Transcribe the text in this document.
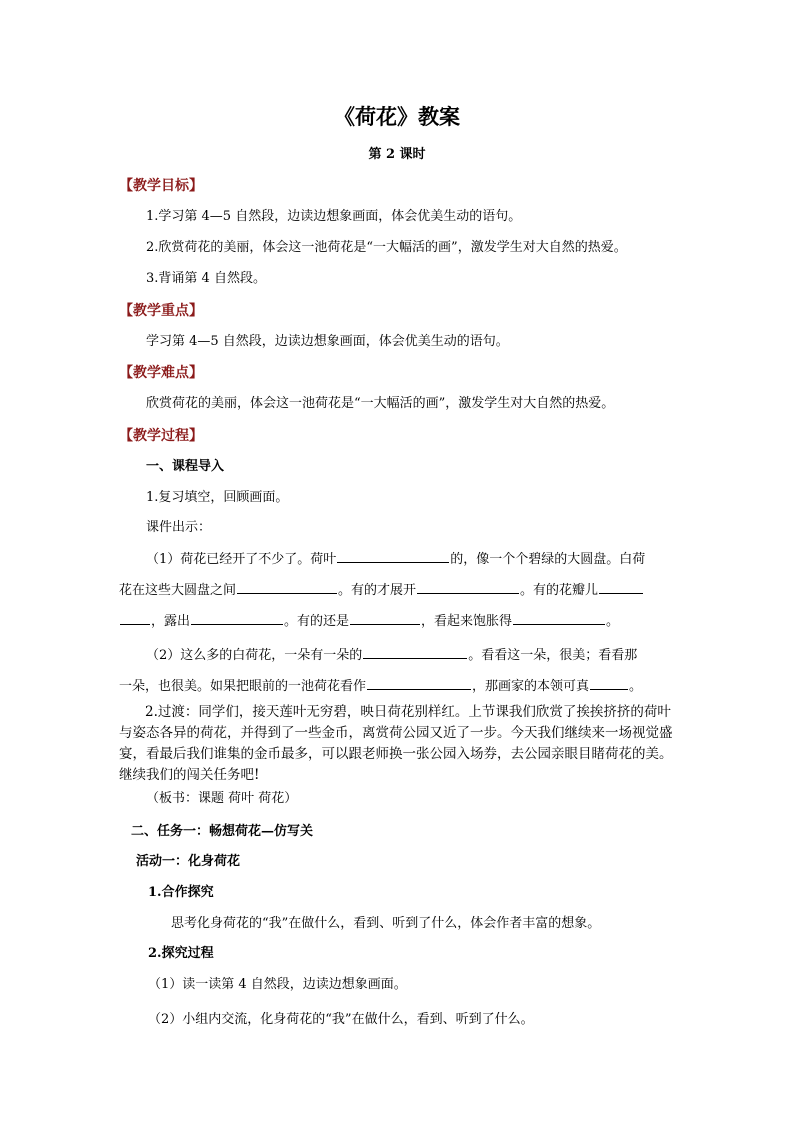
《荷花》教案
第 2 课时
【教学目标】
1.学习第 4—5 自然段，边读边想象画面，体会优美生动的语句。
2.欣赏荷花的美丽，体会这一池荷花是“一大幅活的画”，激发学生对大自然的热爱。
3.背诵第 4 自然段。
【教学重点】
学习第 4—5 自然段，边读边想象画面，体会优美生动的语句。
【教学难点】
欣赏荷花的美丽，体会这一池荷花是“一大幅活的画”，激发学生对大自然的热爱。
【教学过程】
一、课程导入
1.复习填空，回顾画面。
课件出示：
（1）荷花已经开了不少了。荷叶	的，像一个个碧绿的大圆盘。白荷
花在这些大圆盘之间	。有的才展开	。有的花瓣儿
，露出	。有的还是	，看起来饱胀得	。
（2）这么多的白荷花，一朵有一朵的	。看看这一朵，很美；看看那
一朵，也很美。如果把眼前的一池荷花看作	，那画家的本领可真	。
2.过渡：同学们，接天莲叶无穷碧，映日荷花别样红。上节课我们欣赏了挨挨挤挤的荷叶与姿态各异的荷花，并得到了一些金币，离赏荷公园又近了一步。今天我们继续来一场视觉盛宴，看最后我们谁集的金币最多，可以跟老师换一张公园入场券，去公园亲眼目睹荷花的美。继续我们的闯关任务吧!
（板书：课题 荷叶 荷花）
二、任务一：畅想荷花—仿写关
活动一：化身荷花
1.合作探究
思考化身荷花的“我”在做什么，看到、听到了什么，体会作者丰富的想象。
2.探究过程
（1）读一读第 4 自然段，边读边想象画面。
（2）小组内交流，化身荷花的“我”在做什么，看到、听到了什么。
